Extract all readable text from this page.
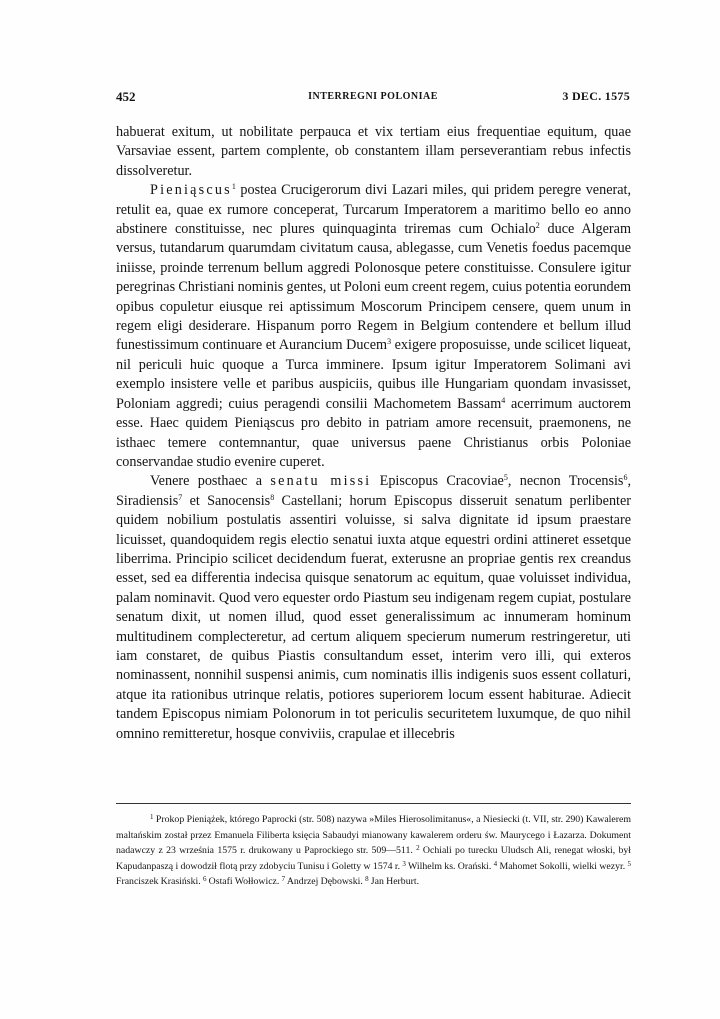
452	INTERREGNI POLONIAE	3 DEC. 1575

habuerat exitum, ut nobilitate perpauca et vix tertiam eius frequentiae equitum, quae Varsaviae essent, partem complente, ob constantem illam perseverantiam rebus infectis dissolveretur.

Pieniąscus$^1$ postea Crucigerorum divi Lazari miles, qui pridem peregre venerat, retulit ea, quae ex rumore conceperat, Turcarum Imperatorem a maritimo bello eo anno abstinere constituisse, nec plures quinquaginta triremas cum Ochialo$^2$ duce Algeram versus, tutandarum quarumdam civitatum causa, ablegasse, cum Venetis foedus pacemque iniisse, proinde terrenum bellum aggredi Polonosque petere constituisse. Consulere igitur peregrinas Christiani nominis gentes, ut Poloni eum creent regem, cuius potentia eorundem opibus copuletur eiusque rei aptissimum Moscorum Principem censere, quem unum in regem eligi desiderare. Hispanum porro Regem in Belgium contendere et bellum illud funestissimum continuare et Aurancium Ducem$^3$ exigere proposuisse, unde scilicet liqueat, nil periculi huic quoque a Turca imminere. Ipsum igitur Imperatorem Solimani avi exemplo insistere velle et paribus auspiciis, quibus ille Hungariam quondam invasisset, Poloniam aggredi; cuius peragendi consilii Machometem Bassam$^4$ acerrimum auctorem esse. Haec quidem Pieniąscus pro debito in patriam amore recensuit, praemonens, ne isthaec temere contemnantur, quae universus paene Christianus orbis Poloniae conservandae studio evenire cuperet.

Venere posthaec a senatu missi Episcopus Cracoviae$^5$, necnon Trocensis$^6$, Siradiensis$^7$ et Sanocensis$^8$ Castellani; horum Episcopus disseruit senatum perlibenter quidem nobilium postulatis assentiri voluisse, si salva dignitate id ipsum praestare licuisset, quandoquidem regis electio senatui iuxta atque equestri ordini attineret essetque liberrima. Principio scilicet decidendum fuerat, exterusne an propriae gentis rex creandus esset, sed ea differentia indecisa quisque senatorum ac equitum, quae voluisset individua, palam nominavit. Quod vero equester ordo Piastum seu indigenam regem cupiat, postulare senatum dixit, ut nomen illud, quod esset generalissimum ac innumeram hominum multitudinem complecteretur, ad certum aliquem specierum numerum restringeretur, uti iam constaret, de quibus Piastis consultandum esset, interim vero illi, qui exteros nominassent, nonnihil suspensi animis, cum nominatis illis indigenis suos essent collaturi, atque ita rationibus utrinque relatis, potiores superiorem locum essent habiturae. Adiecit tandem Episcopus nimiam Polonorum in tot periculis securitetem luxumque, de quo nihil omnino remitteretur, hosque conviviis, crapulae et illecebris

$^1$ Prokop Pieniążek, którego Paprocki (str. 508) nazywa »Miles Hierosolimitanus«, a Niesiecki (t. VII, str. 290) Kawalerem maltańskim został przez Emanuela Filiberta księcia Sabaudyi mianowany kawalerem orderu św. Maurycego i Łazarza. Dokument nadawczy z 23 września 1575 r. drukowany u Paprockiego str. 509—511. $^2$ Ochiali po turecku Uludsch Ali, renegat włoski, był Kapudanpaszą i dowodził flotą przy zdobyciu Tunisu i Goletty w 1574 r. $^3$ Wilhelm ks. Orański. $^4$ Mahomet Sokolli, wielki wezyr. $^5$ Franciszek Krasiński. $^6$ Ostafi Wołłowicz. $^7$ Andrzej Dębowski. $^8$ Jan Herburt.
